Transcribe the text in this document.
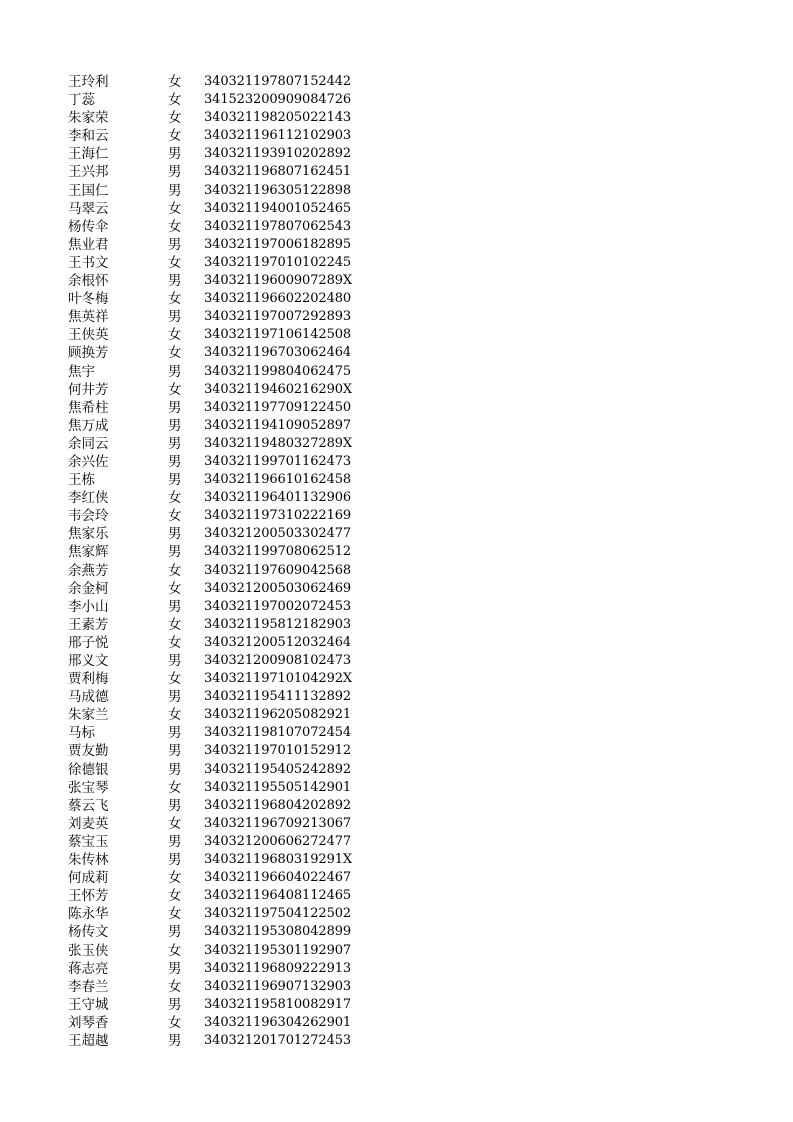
王玲利	女 340321197807152442
丁蕊	女 341523200909084726
朱家荣	女 340321198205022143
李和云	女 340321196112102903
王海仁	男 340321193910202892
王兴邦	男 340321196807162451
王国仁	男 340321196305122898
马翠云	女 340321194001052465
杨传伞	女 340321197807062543
焦业君	男 340321197006182895
王书文	女 340321197010102245
余根怀	男 34032119600907289X
叶冬梅	女 340321196602202480
焦英祥	男 340321197007292893
王侠英	女 340321197106142508
顾换芳	女 340321196703062464
焦宇	男 340321199804062475
何井芳	女 34032119460216290X
焦希柱	男 340321197709122450
焦万成	男 340321194109052897
余同云	男 34032119480327289X
余兴佐	男 340321199701162473
王栋	男 340321196610162458
李红侠	女 340321196401132906
韦会玲	女 340321197310222169
焦家乐	男 340321200503302477
焦家辉	男 340321199708062512
余燕芳	女 340321197609042568
余金柯	女 340321200503062469
李小山	男 340321197002072453
王素芳	女 340321195812182903
邢子悦	女 340321200512032464
邢义文	男 340321200908102473
贾利梅	女 34032119710104292X
马成德	男 340321195411132892
朱家兰	女 340321196205082921
马标	男 340321198107072454
贾友勤	男 340321197010152912
徐德银	男 340321195405242892
张宝琴	女 340321195505142901
蔡云飞	男 340321196804202892
刘麦英	女 340321196709213067
蔡宝玉	男 340321200606272477
朱传林	男 34032119680319291X
何成莉	女 340321196604022467
王怀芳	女 340321196408112465
陈永华	女 340321197504122502
杨传文	男 340321195308042899
张玉侠	女 340321195301192907
蒋志亮	男 340321196809222913
李春兰	女 340321196907132903
王守城	男 340321195810082917
刘琴香	女 340321196304262901
王超越	男 340321201701272453
